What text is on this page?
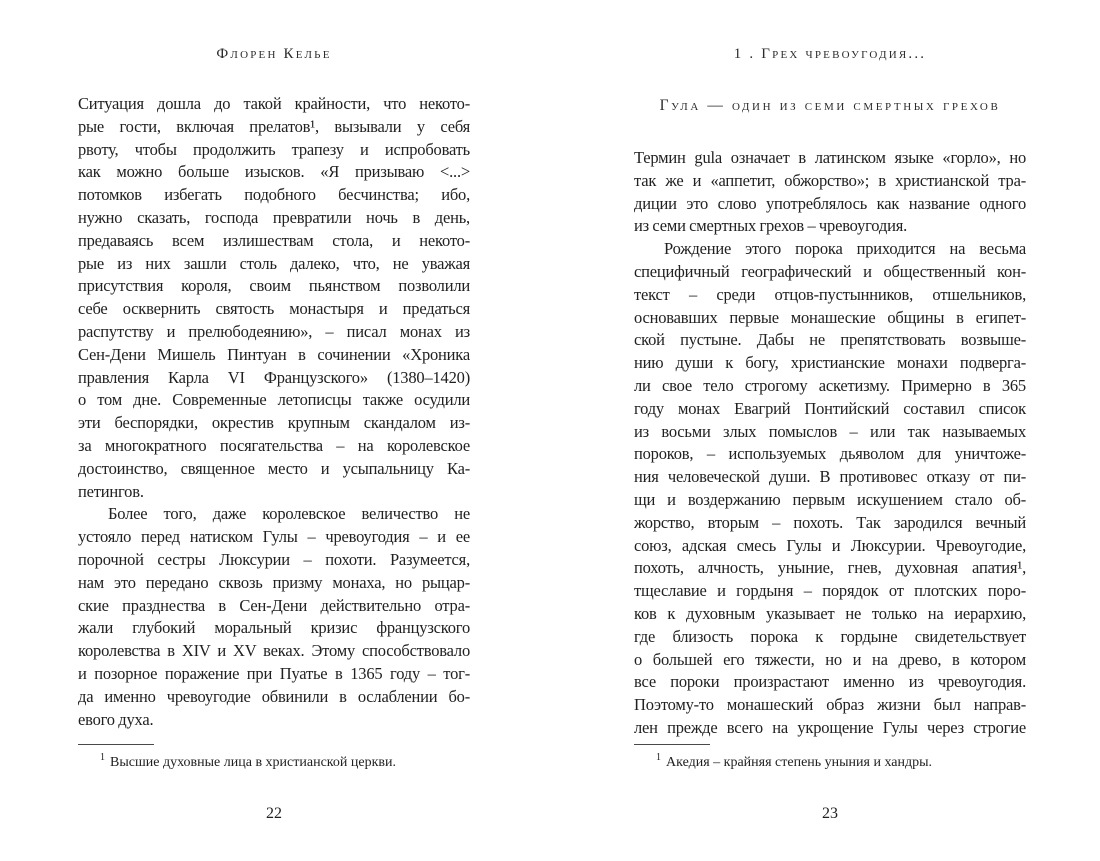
Флорен Келье
Ситуация дошла до такой крайности, что некото-
рые гости, включая прелатов¹, вызывали у себя
рвоту, чтобы продолжить трапезу и испробовать
как можно больше изысков. «Я призываю <...>
потомков избегать подобного бесчинства; ибо,
нужно сказать, господа превратили ночь в день,
предаваясь всем излишествам стола, и некото-
рые из них зашли столь далеко, что, не уважая
присутствия короля, своим пьянством позволили
себе осквернить святость монастыря и предаться
распутству и прелюбодеянию», – писал монах из
Сен-Дени Мишель Пинтуан в сочинении «Хроника
правления Карла VI Французского» (1380–1420)
о том дне. Современные летописцы также осудили
эти беспорядки, окрестив крупным скандалом из-
за многократного посягательства – на королевское
достоинство, священное место и усыпальницу Ка-
петингов.
Более того, даже королевское величество не
устояло перед натиском Гулы – чревоугодия – и ее
порочной сестры Люксурии – похоти. Разумеется,
нам это передано сквозь призму монаха, но рыцар-
ские празднества в Сен-Дени действительно отра-
жали глубокий моральный кризис французского
королевства в XIV и XV веках. Этому способствовало
и позорное поражение при Пуатье в 1365 году – тог-
да именно чревоугодие обвинили в ослаблении бо-
евого духа.
1 . Грех чревоугодия...
Гула — один из семи смертных грехов
Термин gula означает в латинском языке «горло», но
так же и «аппетит, обжорство»; в христианской тра-
диции это слово употреблялось как название одного
из семи смертных грехов – чревоугодия.
Рождение этого порока приходится на весьма
специфичный географический и общественный кон-
текст – среди отцов-пустынников, отшельников,
основавших первые монашеские общины в египет-
ской пустыне. Дабы не препятствовать возвыше-
нию души к богу, христианские монахи подверга-
ли свое тело строгому аскетизму. Примерно в 365
году монах Евагрий Понтийский составил список
из восьми злых помыслов – или так называемых
пороков, – используемых дьяволом для уничтоже-
ния человеческой души. В противовес отказу от пи-
щи и воздержанию первым искушением стало об-
жорство, вторым – похоть. Так зародился вечный
союз, адская смесь Гулы и Люксурии. Чревоугодие,
похоть, алчность, уныние, гнев, духовная апатия¹,
тщеславие и гордыня – порядок от плотских поро-
ков к духовным указывает не только на иерархию,
где близость порока к гордыне свидетельствует
о большей его тяжести, но и на древо, в котором
все пороки произрастают именно из чревоугодия.
Поэтому-то монашеский образ жизни был направ-
лен прежде всего на укрощение Гулы через строгие

$^1$ Высшие духовные лица в христианской церкви.	$^1$ Акедия – крайняя степень уныния и хандры.

22	23
